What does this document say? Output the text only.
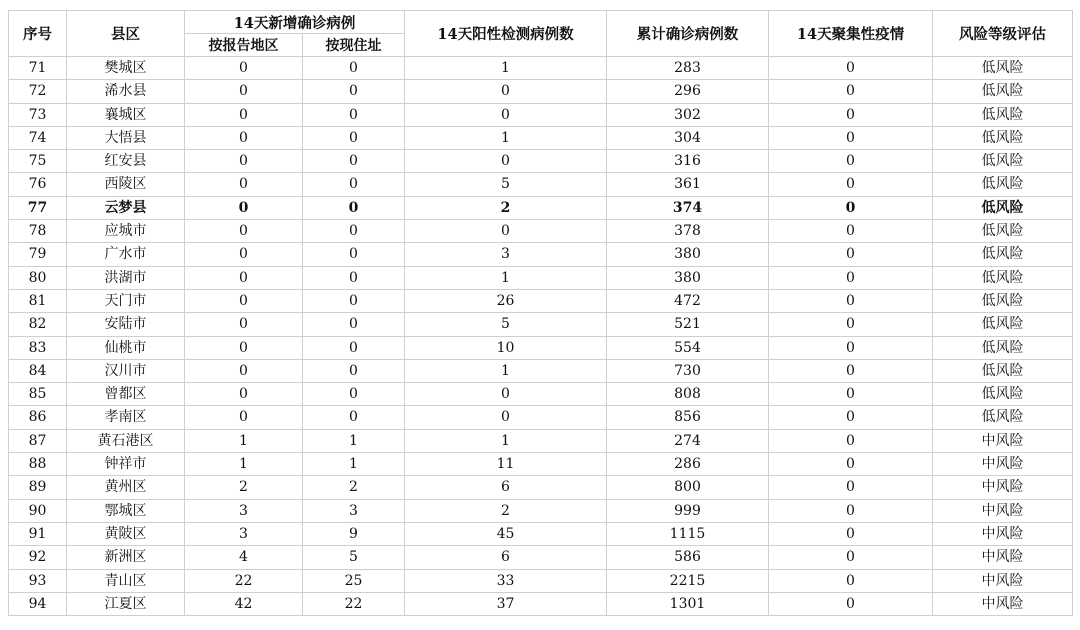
序号	县区	14天新增确诊病例		14天阳性检测病例数	累计确诊病例数	14天聚集性疫情	风险等级评估
		按报告地区	按现住址				
71	樊城区	0	0	1	283	0	低风险
72	浠水县	0	0	0	296	0	低风险
73	襄城区	0	0	0	302	0	低风险
74	大悟县	0	0	1	304	0	低风险
75	红安县	0	0	0	316	0	低风险
76	西陵区	0	0	5	361	0	低风险
77	云梦县	0	0	2	374	0	低风险
78	应城市	0	0	0	378	0	低风险
79	广水市	0	0	3	380	0	低风险
80	洪湖市	0	0	1	380	0	低风险
81	天门市	0	0	26	472	0	低风险
82	安陆市	0	0	5	521	0	低风险
83	仙桃市	0	0	10	554	0	低风险
84	汉川市	0	0	1	730	0	低风险
85	曾都区	0	0	0	808	0	低风险
86	孝南区	0	0	0	856	0	低风险
87	黄石港区	1	1	1	274	0	中风险
88	钟祥市	1	1	11	286	0	中风险
89	黄州区	2	2	6	800	0	中风险
90	鄂城区	3	3	2	999	0	中风险
91	黄陂区	3	9	45	1115	0	中风险
92	新洲区	4	5	6	586	0	中风险
93	青山区	22	25	33	2215	0	中风险
94	江夏区	42	22	37	1301	0	中风险
